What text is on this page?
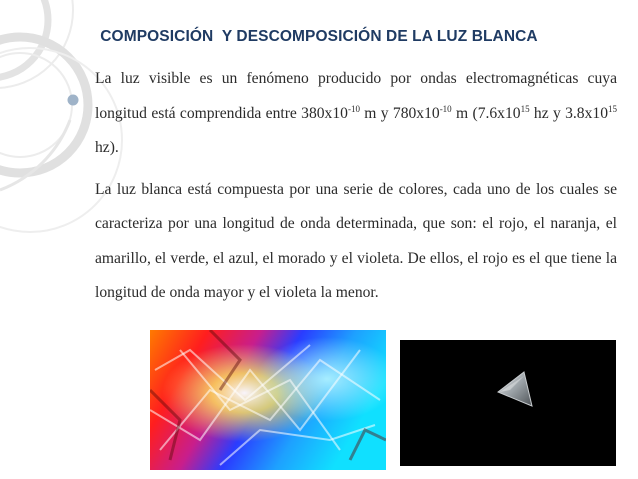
COMPOSICIÓN  Y DESCOMPOSICIÓN DE LA LUZ BLANCA

La luz visible es un fenómeno producido por ondas electromagnéticas cuya longitud está comprendida entre $380x10^{-10}$ m y $780x10^{-10}$ m ($7.6x10^{15}$ hz y $3.8x10^{15}$ hz).

La luz blanca está compuesta por una serie de colores, cada uno de los cuales se caracteriza por una longitud de onda determinada, que son: el rojo, el naranja, el amarillo, el verde, el azul, el morado y el violeta. De ellos, el rojo es el que tiene la longitud de onda mayor y el violeta la menor.
